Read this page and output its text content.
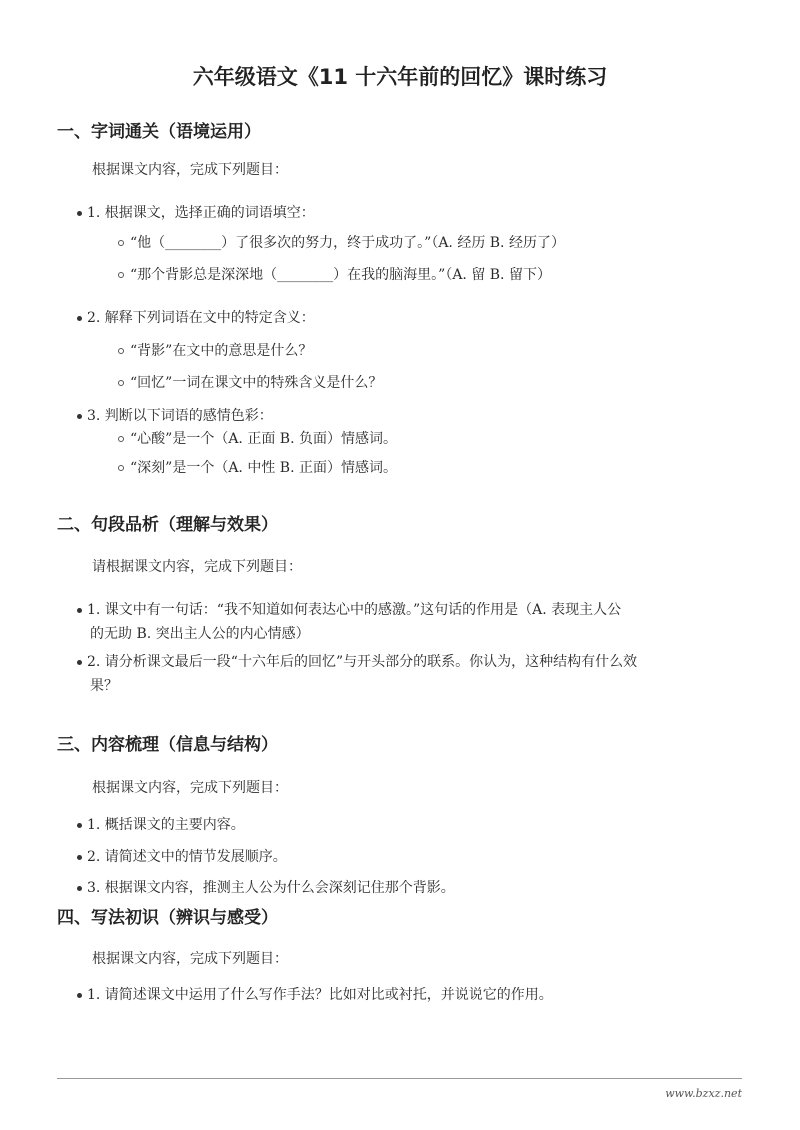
六年级语文《11 十六年前的回忆》课时练习
一、字词通关（语境运用）
根据课文内容，完成下列题目：
1. 根据课文，选择正确的词语填空：
“他（________）了很多次的努力，终于成功了。”（A. 经历 B. 经历了）
“那个背影总是深深地（________）在我的脑海里。”（A. 留 B. 留下）
2. 解释下列词语在文中的特定含义：
“背影”在文中的意思是什么？
“回忆”一词在课文中的特殊含义是什么？
3. 判断以下词语的感情色彩：
“心酸”是一个（A. 正面 B. 负面）情感词。
“深刻”是一个（A. 中性 B. 正面）情感词。
二、句段品析（理解与效果）
请根据课文内容，完成下列题目：
1. 课文中有一句话：“我不知道如何表达心中的感激。”这句话的作用是（A. 表现主人公
的无助 B. 突出主人公的内心情感）
2. 请分析课文最后一段“十六年后的回忆”与开头部分的联系。你认为，这种结构有什么效
果？
三、内容梳理（信息与结构）
根据课文内容，完成下列题目：
1. 概括课文的主要内容。
2. 请简述文中的情节发展顺序。
3. 根据课文内容，推测主人公为什么会深刻记住那个背影。
四、写法初识（辨识与感受）
根据课文内容，完成下列题目：
1. 请简述课文中运用了什么写作手法？比如对比或衬托，并说说它的作用。
bzxz.net
www.bzxz.net
